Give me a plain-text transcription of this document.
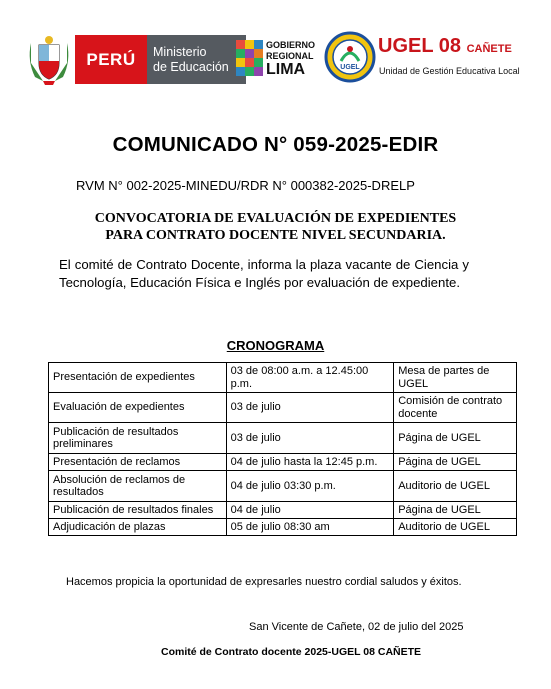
PERÚ	Ministerio
de Educación
GOBIERNO
REGIONAL
LIMA	UGEL
UGEL 08 CAÑETE
Unidad de Gestión Educativa Local
COMUNICADO N° 059-2025-EDIR
RVM N° 002-2025-MINEDU/RDR N° 000382-2025-DRELP
CONVOCATORIA DE EVALUACIÓN DE EXPEDIENTES
PARA CONTRATO DOCENTE NIVEL SECUNDARIA.
El comité de Contrato Docente, informa la plaza vacante de Ciencia y Tecnología, Educación Física e Inglés por evaluación de expediente.
CRONOGRAMA
Presentación de expedientes	03 de 08:00 a.m. a 12.45:00 p.m.	Mesa de partes de UGEL
Evaluación de expedientes	03 de julio	Comisión de contrato docente
Publicación de resultados preliminares	03 de julio	Página de UGEL
Presentación de reclamos	04 de julio hasta la 12:45 p.m.	Página de UGEL
Absolución de reclamos de resultados	04 de julio 03:30 p.m.	Auditorio de UGEL
Publicación de resultados finales	04 de julio	Página de UGEL
Adjudicación de plazas	05 de julio 08:30 am	Auditorio de UGEL
Hacemos propicia la oportunidad de expresarles nuestro cordial saludos y éxitos.
San Vicente de Cañete, 02 de julio del 2025
Comité de Contrato docente 2025-UGEL 08 CAÑETE
